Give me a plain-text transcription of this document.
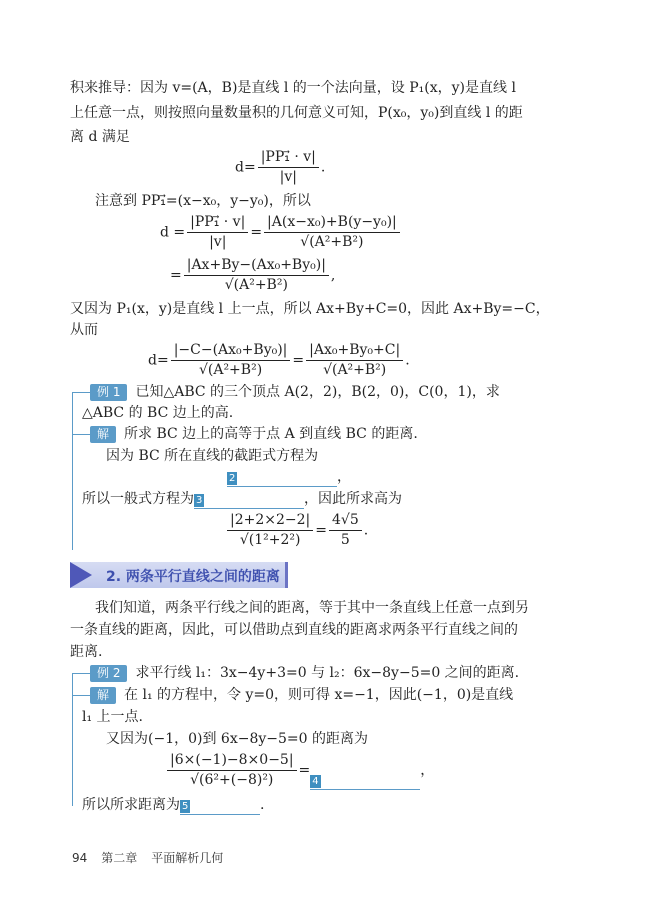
积来推导：因为 v=(A，B)是直线 l 的一个法向量，设 P₁(x，y)是直线 l
上任意一点，则按照向量数量积的几何意义可知，P(x₀，y₀)到直线 l 的距
离 d 满足
$d= \frac{\text{|PP₁⃗ · v|}}{|v|}$ .
注意到 PP₁⃗=(x−x₀，y−y₀)，所以
$d = \frac{\text{|PP₁⃗ · v|}}{|v|} = \frac{\text{|A(x−x₀)+B(y−y₀)|}}{\text{√(A²+B²)}}$
= $\frac{\text{|Ax+By−(Ax₀+By₀)|}}{\text{√(A²+B²)}}$ ,
又因为 P₁(x，y)是直线 l 上一点，所以 Ax+By+C=0，因此 Ax+By=−C，
从而
$d= \frac{\text{|−C−(Ax₀+By₀)|}}{\text{√(A²+B²)}} = \frac{\text{|Ax₀+By₀+C|}}{\text{√(A²+B²)}}$ .
例 1 已知△ABC 的三个顶点 A(2，2)，B(2，0)，C(0，1)，求
△ABC 的 BC 边上的高.
解 所求 BC 边上的高等于点 A 到直线 BC 的距离.
因为 BC 所在直线的截距式方程为
2	，
所以一般式方程为 3	，因此所求高为
$\frac{|2+2\times 2-2|}{\text{√(1²+2²)}} = \frac{4√5}{5}$ .
2. 两条平行直线之间的距离
我们知道，两条平行线之间的距离，等于其中一条直线上任意一点到另
一条直线的距离，因此，可以借助点到直线的距离求两条平行直线之间的
距离.
例 2 求平行线 l₁：3x−4y+3=0 与 l₂：6x−8y−5=0 之间的距离.
解 在 l₁ 的方程中，令 y=0，则可得 x=−1，因此(−1，0)是直线
l₁ 上一点.
又因为(−1，0)到 6x−8y−5=0 的距离为
$\frac{|6\times(-1)-8\times 0-5|}{\text{√(6²+(−8)²)}}$ =
4
，
所以所求距离为 5	.
94 第二章 平面解析几何
